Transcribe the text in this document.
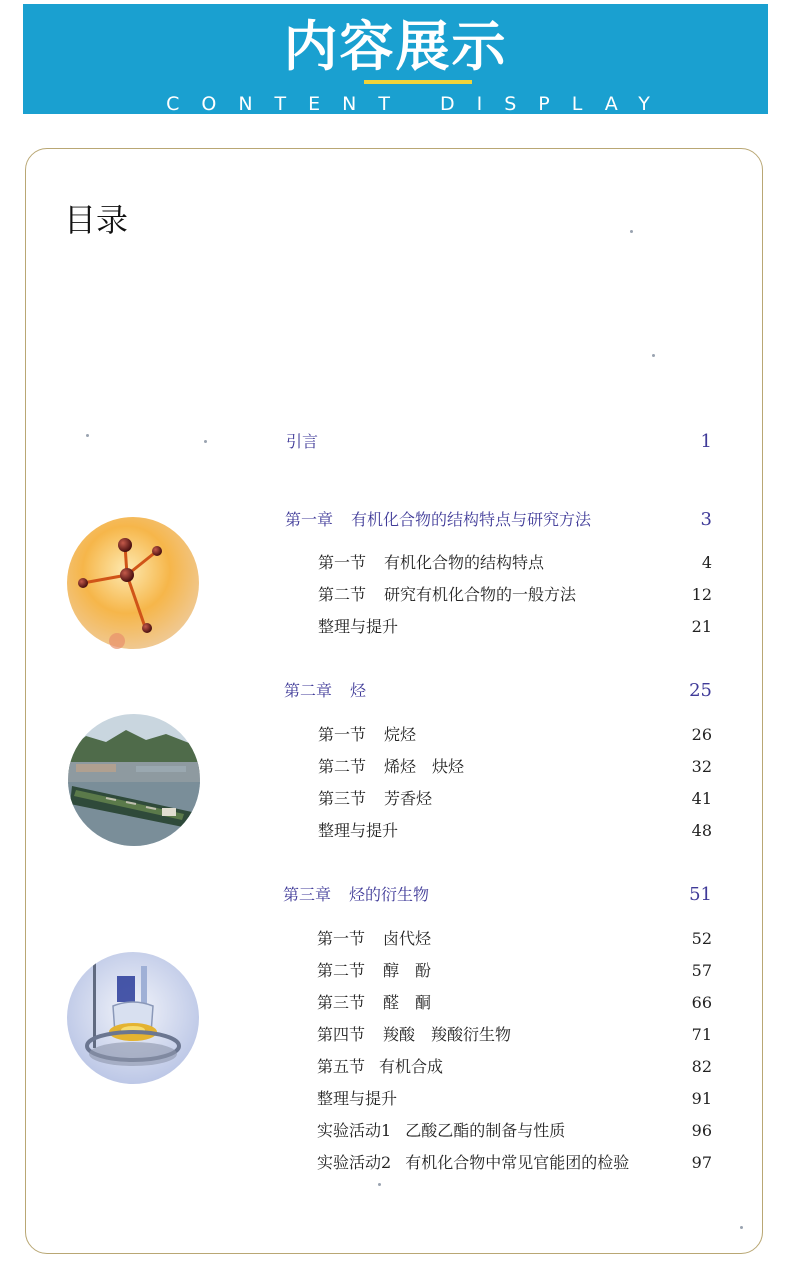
内容展示
CONTENT DISPLAY
目录
引言	1
第一章 有机化合物的结构特点与研究方法	3
第一节 有机化合物的结构特点	4
第二节 研究有机化合物的一般方法	12
整理与提升	21
第二章 烃	25
第一节 烷烃	26
第二节 烯烃　炔烃	32
第三节 芳香烃	41
整理与提升	48
第三章 烃的衍生物	51
第一节 卤代烃	52
第二节 醇　酚	57
第三节 醛　酮	66
第四节 羧酸　羧酸衍生物	71
第五节 有机合成	82
整理与提升	91
实验活动1 乙酸乙酯的制备与性质	96
实验活动2 有机化合物中常见官能团的检验	97
